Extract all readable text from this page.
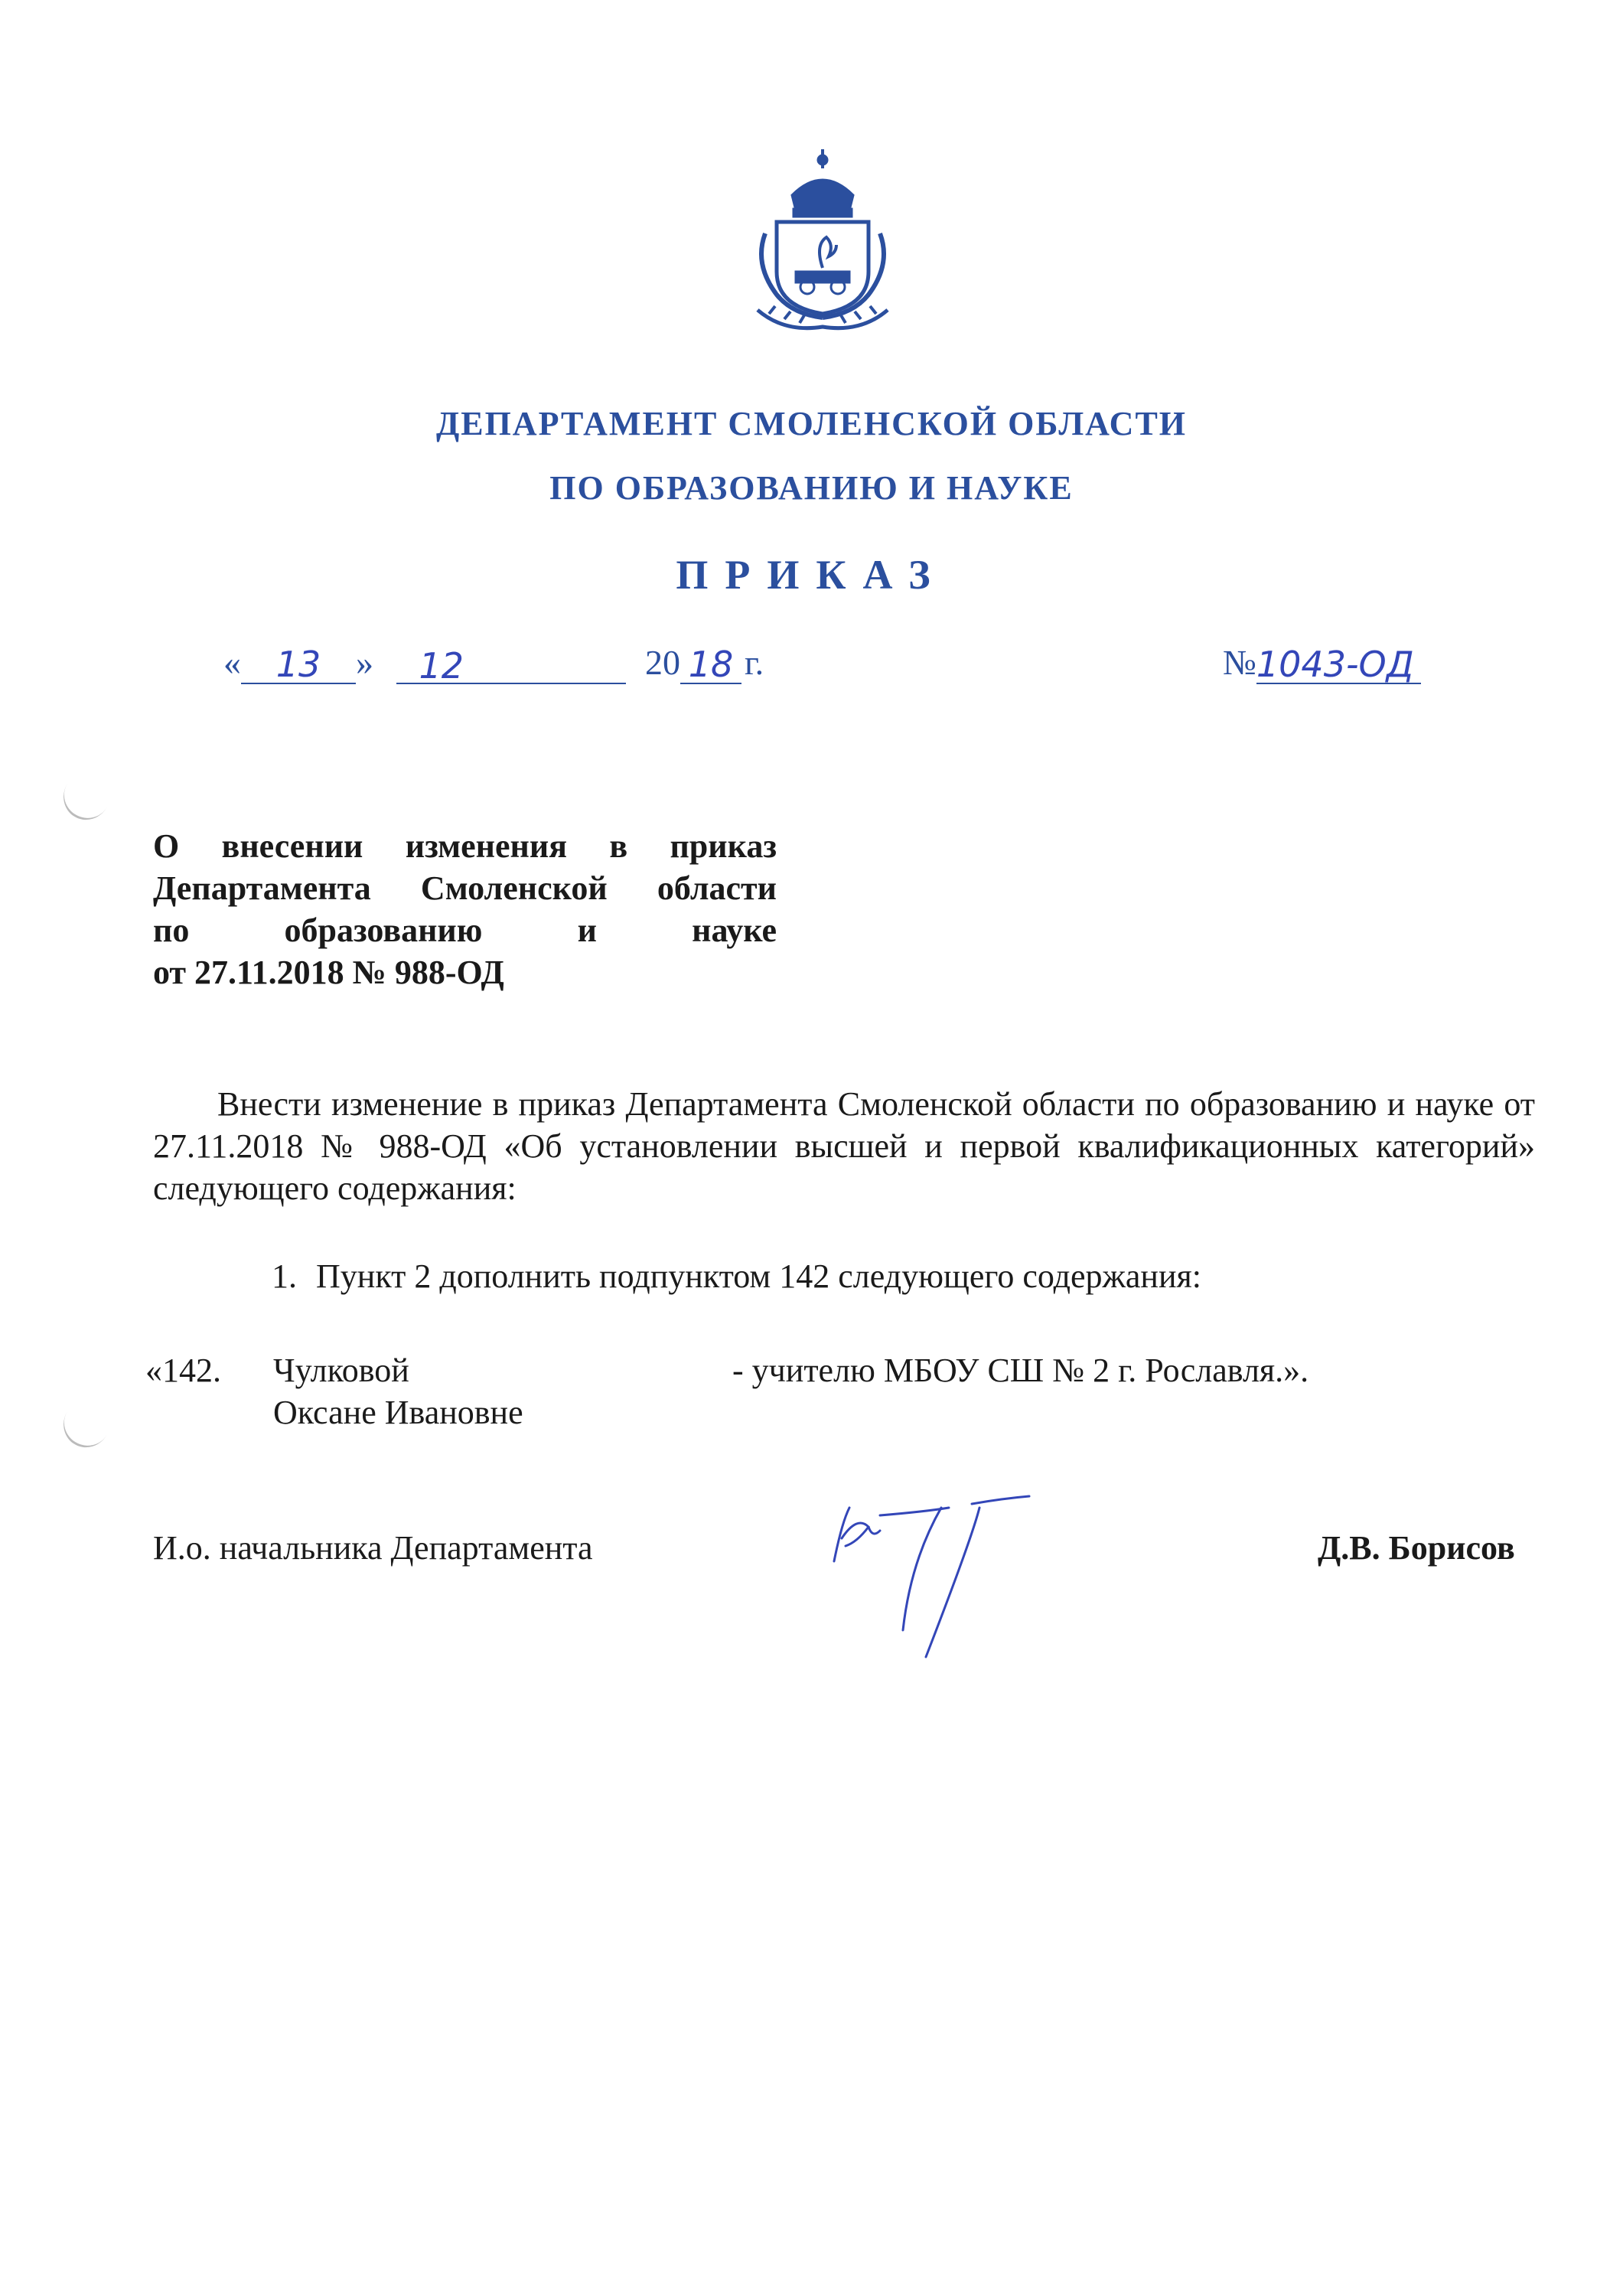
ДЕПАРТАМЕНТ СМОЛЕНСКОЙ ОБЛАСТИ
ПО ОБРАЗОВАНИЮ И НАУКЕ
ПРИКАЗ
« 13 » 12	20 18 г.	№1043-ОД
О внесении изменения в приказ
Департамента Смоленской области
по образованию и науке
от 27.11.2018 № 988-ОД
Внести изменение в приказ Департамента Смоленской области по образованию и науке от 27.11.2018 № 988-ОД «Об установлении высшей и первой квалификационных категорий» следующего содержания:
1. Пункт 2 дополнить подпунктом 142 следующего содержания:
«142. Чулковой
Оксане Ивановне
- учителю МБОУ СШ № 2 г. Рославля.».
И.о. начальника Департамента	Д.В. Борисов
